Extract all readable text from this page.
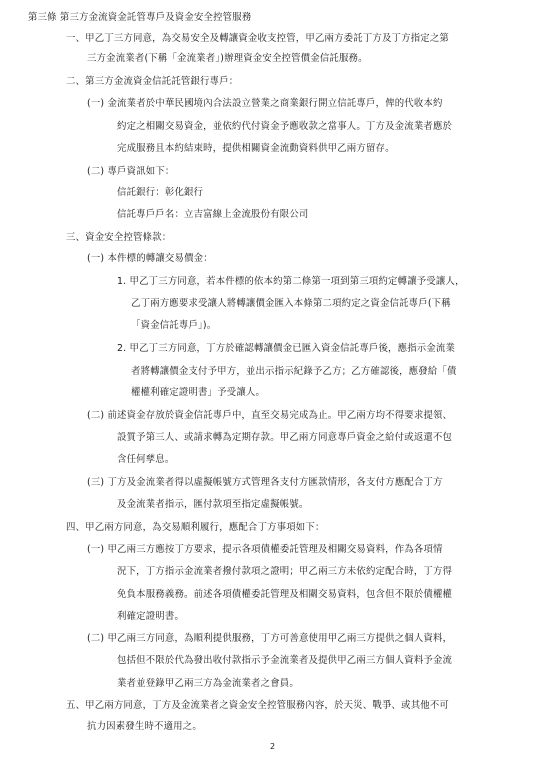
第三條 第三方金流資金託管專戶及資金安全控管服務

一、甲乙丁三方同意，為交易安全及轉讓資金收支控管，甲乙兩方委託丁方及丁方指定之第

三方金流業者(下稱「金流業者」)辦理資金安全控管價金信託服務。

二、第三方金流資金信託託管銀行專戶：

(一) 金流業者於中華民國境內合法設立營業之商業銀行開立信託專戶，俾的代收本約

約定之相關交易資金，並依約代付資金予應收款之當事人。丁方及金流業者應於

完成服務且本約結束時，提供相關資金流動資料供甲乙兩方留存。

(二) 專戶資訊如下：

信託銀行：彰化銀行

信託專戶戶名：立吉富線上金流股份有限公司

三、資金安全控管條款：

(一) 本件標的轉讓交易價金：

1. 甲乙丁三方同意，若本件標的依本約第二條第一項到第三項約定轉讓予受讓人，

乙丁兩方應要求受讓人將轉讓價金匯入本條第二項約定之資金信託專戶(下稱

「資金信託專戶」)。

2. 甲乙丁三方同意，丁方於確認轉讓價金已匯入資金信託專戶後，應指示金流業

者將轉讓價金支付予甲方，並出示指示紀錄予乙方；乙方確認後，應發給「債

權權利確定證明書」予受讓人。

(二) 前述資金存放於資金信託專戶中，直至交易完成為止。甲乙兩方均不得要求提領、

設質予第三人、或請求轉為定期存款。甲乙兩方同意專戶資金之給付或返還不包

含任何孳息。

(三) 丁方及金流業者得以虛擬帳號方式管理各支付方匯款情形，各支付方應配合丁方

及金流業者指示，匯付款項至指定虛擬帳號。

四、甲乙兩方同意，為交易順利履行，應配合丁方事項如下：

(一) 甲乙兩三方應按丁方要求，提示各項債權委託管理及相關交易資料，作為各項情

況下，丁方指示金流業者撥付款項之證明；甲乙兩三方未依約定配合時，丁方得

免負本服務義務。前述各項債權委託管理及相關交易資料，包含但不限於債權權

利確定證明書。

(二) 甲乙兩三方同意，為順利提供服務，丁方可善意使用甲乙兩三方提供之個人資料，

包括但不限於代為發出收付款指示予金流業者及提供甲乙兩三方個人資料予金流

業者並登錄甲乙兩三方為金流業者之會員。

五、甲乙兩方同意，丁方及金流業者之資金安全控管服務內容，於天災、戰爭、或其他不可

抗力因素發生時不適用之。

2
